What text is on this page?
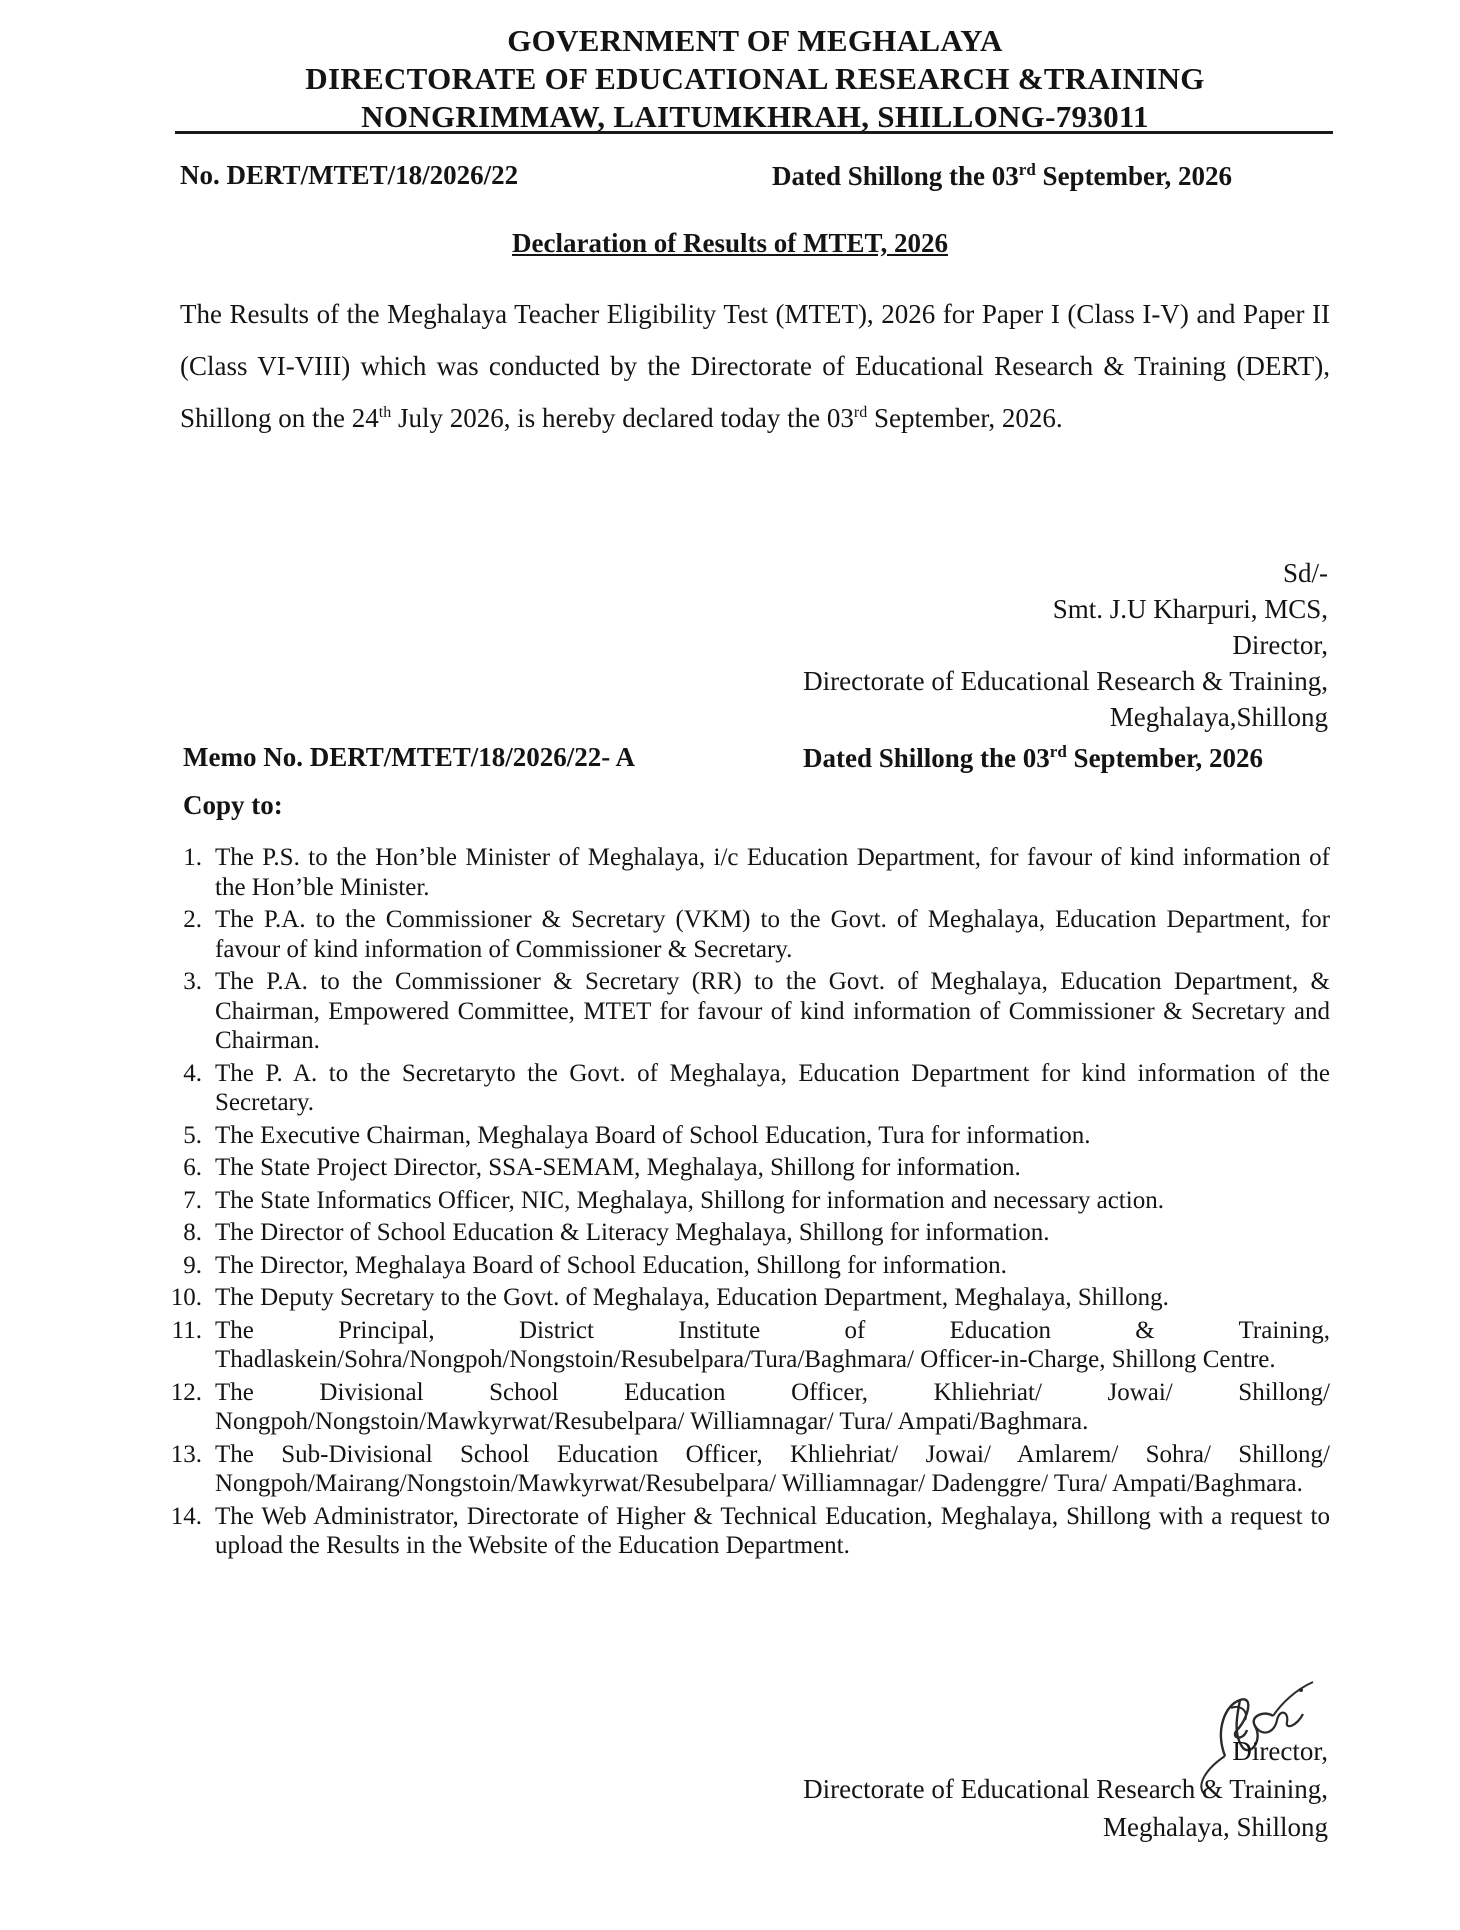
GOVERNMENT OF MEGHALAYA
DIRECTORATE OF EDUCATIONAL RESEARCH &TRAINING
NONGRIMMAW, LAITUMKHRAH, SHILLONG-793011
No. DERT/MTET/18/2026/22	Dated Shillong the 03rd September, 2026
Declaration of Results of MTET, 2026
The Results of the Meghalaya Teacher Eligibility Test (MTET), 2026 for Paper I (Class I-V) and Paper II (Class VI-VIII) which was conducted by the Directorate of Educational Research & Training (DERT), Shillong on the 24th July 2026, is hereby declared today the 03rd September, 2026.
Sd/-
Smt. J.U Kharpuri, MCS,
Director,
Directorate of Educational Research & Training,
Meghalaya,Shillong
Memo No. DERT/MTET/18/2026/22- A	Dated Shillong the 03rd September, 2026
Copy to:
1. The P.S. to the Hon’ble Minister of Meghalaya, i/c Education Department, for favour of kind information of the Hon’ble Minister.
2. The P.A. to the Commissioner & Secretary (VKM) to the Govt. of Meghalaya, Education Department, for favour of kind information of Commissioner & Secretary.
3. The P.A. to the Commissioner & Secretary (RR) to the Govt. of Meghalaya, Education Department, & Chairman, Empowered Committee, MTET for favour of kind information of Commissioner & Secretary and Chairman.
4. The P. A. to the Secretaryto the Govt. of Meghalaya, Education Department for kind information of the Secretary.
5. The Executive Chairman, Meghalaya Board of School Education, Tura for information.
6. The State Project Director, SSA-SEMAM, Meghalaya, Shillong for information.
7. The State Informatics Officer, NIC, Meghalaya, Shillong for information and necessary action.
8. The Director of School Education & Literacy Meghalaya, Shillong for information.
9. The Director, Meghalaya Board of School Education, Shillong for information.
10. The Deputy Secretary to the Govt. of Meghalaya, Education Department, Meghalaya, Shillong.
11. The Principal, District Institute of Education & Training, Thadlaskein/Sohra/Nongpoh/Nongstoin/Resubelpara/Tura/Baghmara/ Officer-in-Charge, Shillong Centre.
12. The Divisional School Education Officer, Khliehriat/ Jowai/ Shillong/ Nongpoh/Nongstoin/Mawkyrwat/Resubelpara/ Williamnagar/ Tura/ Ampati/Baghmara.
13. The Sub-Divisional School Education Officer, Khliehriat/ Jowai/ Amlarem/ Sohra/ Shillong/ Nongpoh/Mairang/Nongstoin/Mawkyrwat/Resubelpara/ Williamnagar/ Dadenggre/ Tura/ Ampati/Baghmara.
14. The Web Administrator, Directorate of Higher & Technical Education, Meghalaya, Shillong with a request to upload the Results in the Website of the Education Department.
Director,
Directorate of Educational Research & Training,
Meghalaya, Shillong
